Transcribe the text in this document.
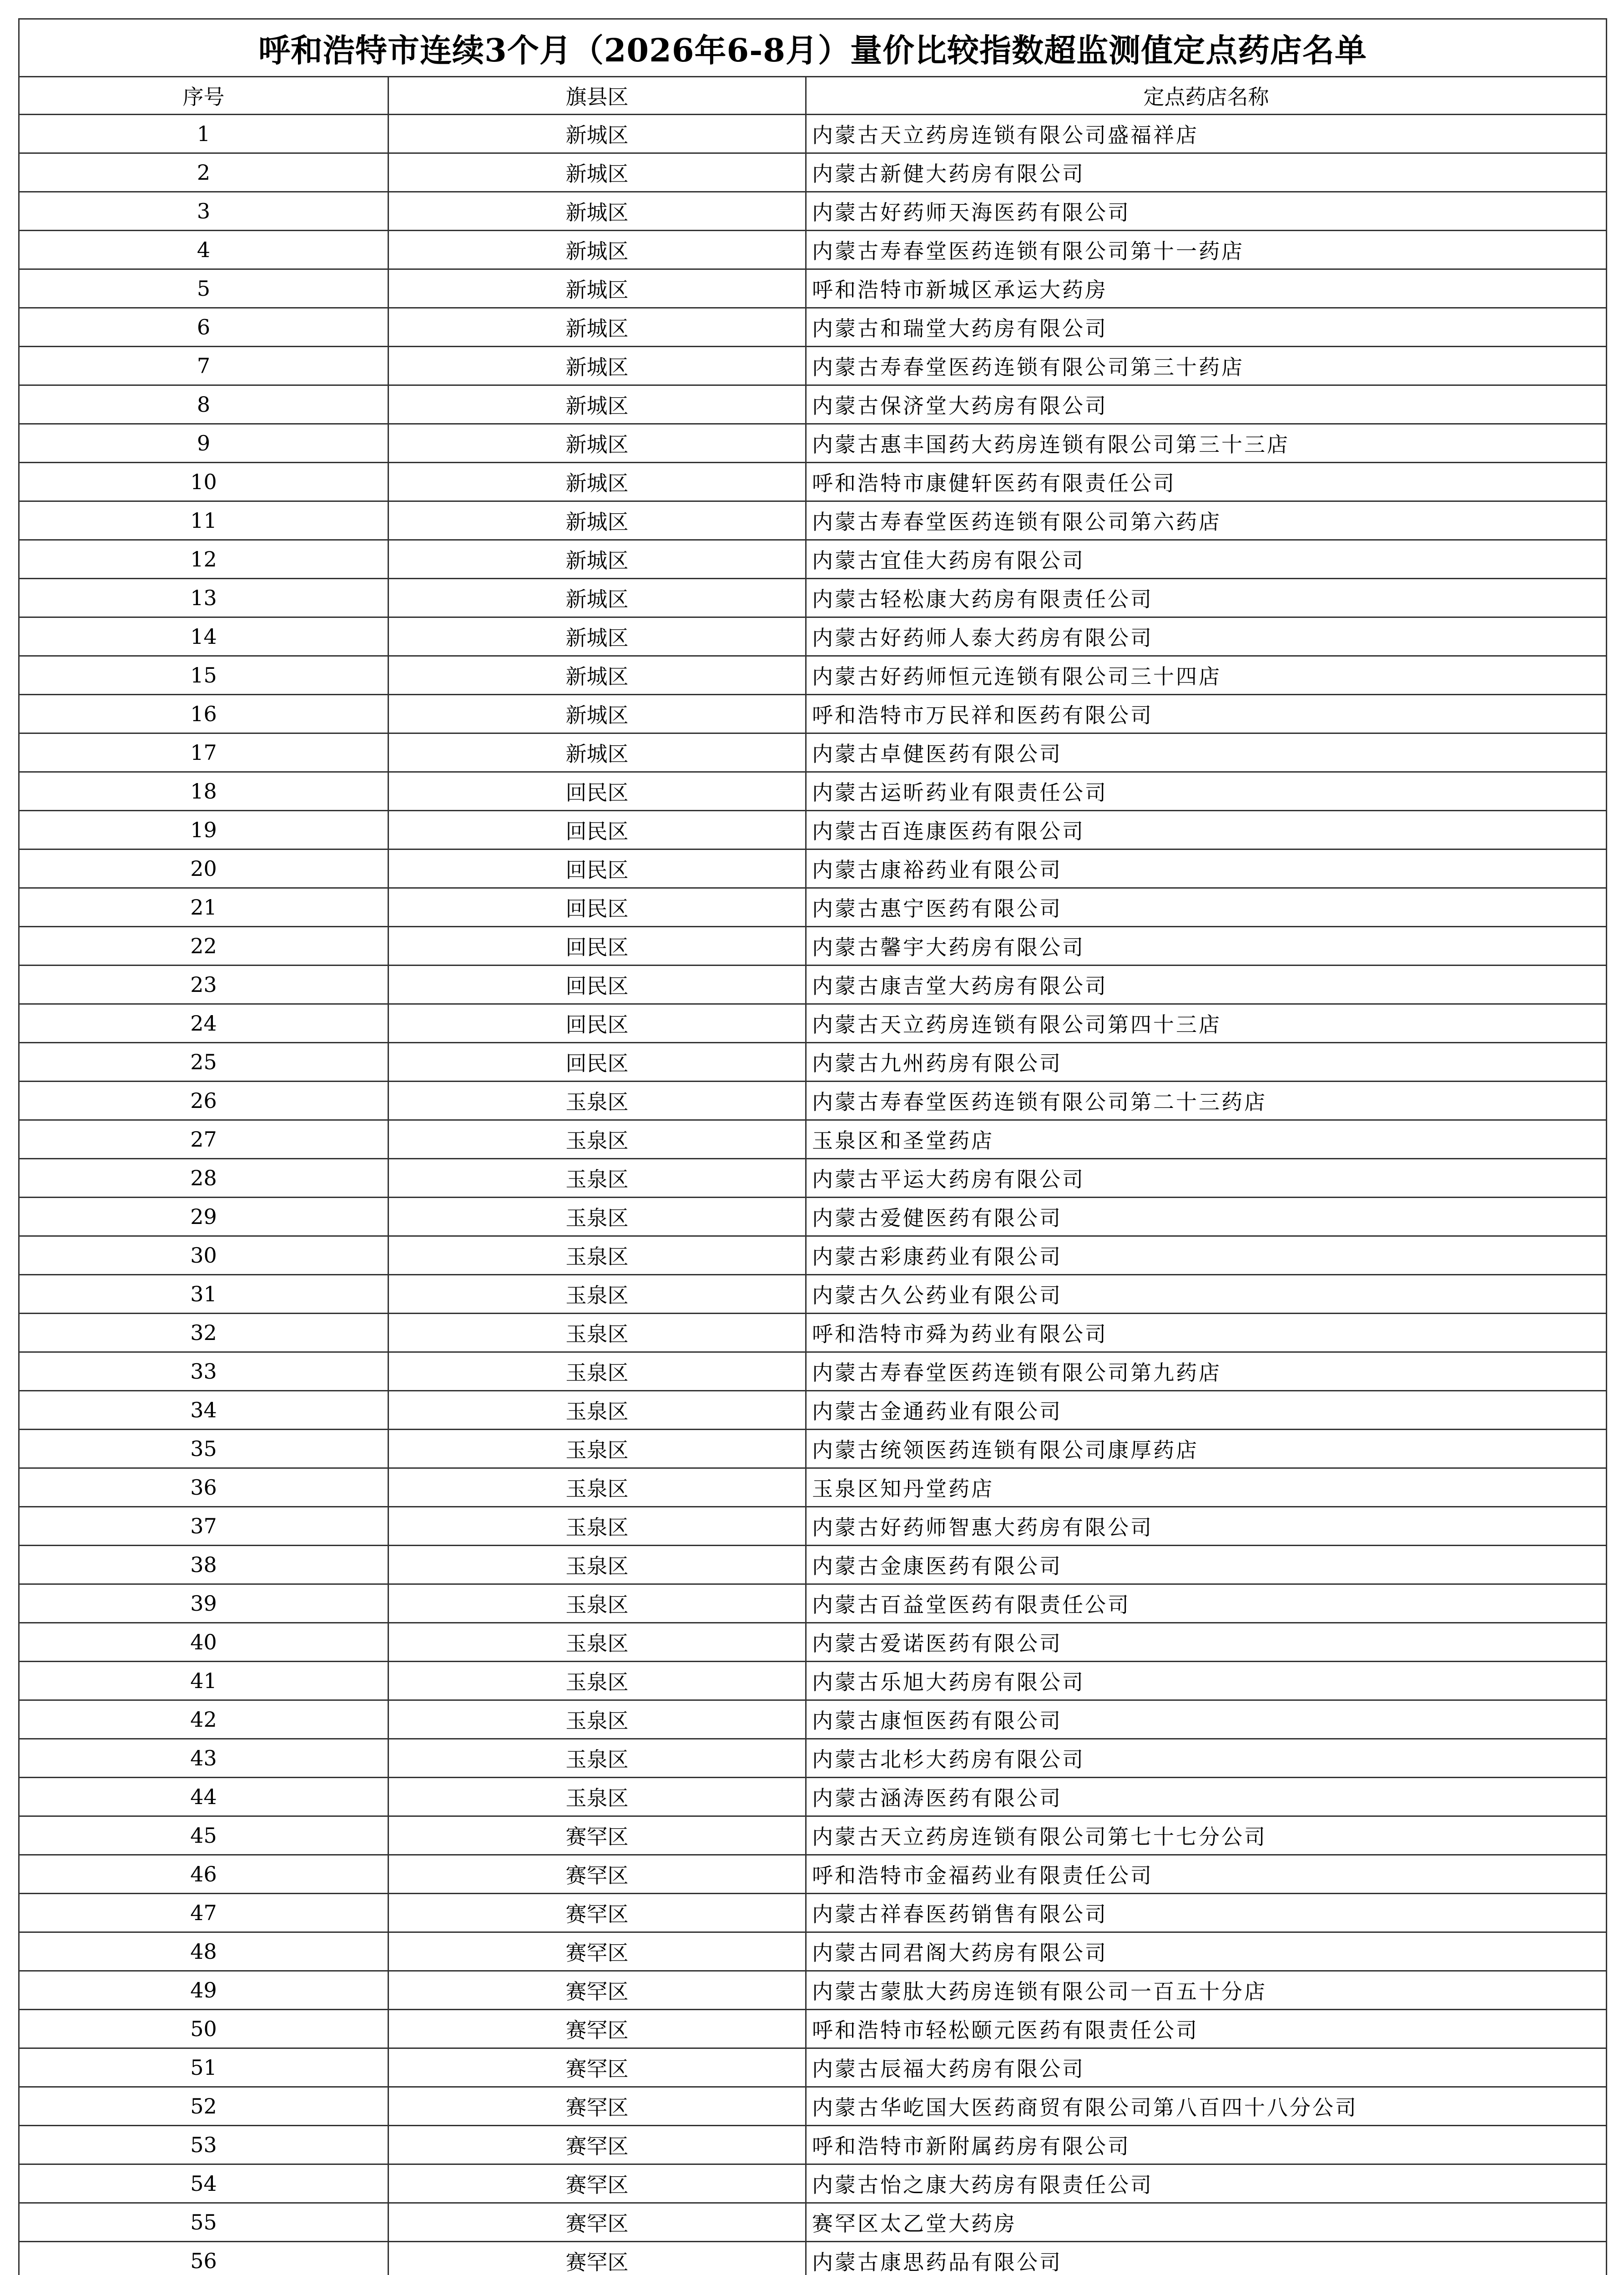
呼和浩特市连续3个月（2026年6-8月）量价比较指数超监测值定点药店名单		
序号	旗县区	定点药店名称
1	新城区	内蒙古天立药房连锁有限公司盛福祥店
2	新城区	内蒙古新健大药房有限公司
3	新城区	内蒙古好药师天海医药有限公司
4	新城区	内蒙古寿春堂医药连锁有限公司第十一药店
5	新城区	呼和浩特市新城区承运大药房
6	新城区	内蒙古和瑞堂大药房有限公司
7	新城区	内蒙古寿春堂医药连锁有限公司第三十药店
8	新城区	内蒙古保济堂大药房有限公司
9	新城区	内蒙古惠丰国药大药房连锁有限公司第三十三店
10	新城区	呼和浩特市康健轩医药有限责任公司
11	新城区	内蒙古寿春堂医药连锁有限公司第六药店
12	新城区	内蒙古宜佳大药房有限公司
13	新城区	内蒙古轻松康大药房有限责任公司
14	新城区	内蒙古好药师人泰大药房有限公司
15	新城区	内蒙古好药师恒元连锁有限公司三十四店
16	新城区	呼和浩特市万民祥和医药有限公司
17	新城区	内蒙古卓健医药有限公司
18	回民区	内蒙古运昕药业有限责任公司
19	回民区	内蒙古百连康医药有限公司
20	回民区	内蒙古康裕药业有限公司
21	回民区	内蒙古惠宁医药有限公司
22	回民区	内蒙古馨宇大药房有限公司
23	回民区	内蒙古康吉堂大药房有限公司
24	回民区	内蒙古天立药房连锁有限公司第四十三店
25	回民区	内蒙古九州药房有限公司
26	玉泉区	内蒙古寿春堂医药连锁有限公司第二十三药店
27	玉泉区	玉泉区和圣堂药店
28	玉泉区	内蒙古平运大药房有限公司
29	玉泉区	内蒙古爱健医药有限公司
30	玉泉区	内蒙古彩康药业有限公司
31	玉泉区	内蒙古久公药业有限公司
32	玉泉区	呼和浩特市舜为药业有限公司
33	玉泉区	内蒙古寿春堂医药连锁有限公司第九药店
34	玉泉区	内蒙古金通药业有限公司
35	玉泉区	内蒙古统领医药连锁有限公司康厚药店
36	玉泉区	玉泉区知丹堂药店
37	玉泉区	内蒙古好药师智惠大药房有限公司
38	玉泉区	内蒙古金康医药有限公司
39	玉泉区	内蒙古百益堂医药有限责任公司
40	玉泉区	内蒙古爱诺医药有限公司
41	玉泉区	内蒙古乐旭大药房有限公司
42	玉泉区	内蒙古康恒医药有限公司
43	玉泉区	内蒙古北杉大药房有限公司
44	玉泉区	内蒙古涵涛医药有限公司
45	赛罕区	内蒙古天立药房连锁有限公司第七十七分公司
46	赛罕区	呼和浩特市金福药业有限责任公司
47	赛罕区	内蒙古祥春医药销售有限公司
48	赛罕区	内蒙古同君阁大药房有限公司
49	赛罕区	内蒙古蒙肽大药房连锁有限公司一百五十分店
50	赛罕区	呼和浩特市轻松颐元医药有限责任公司
51	赛罕区	内蒙古辰福大药房有限公司
52	赛罕区	内蒙古华屹国大医药商贸有限公司第八百四十八分公司
53	赛罕区	呼和浩特市新附属药房有限公司
54	赛罕区	内蒙古怡之康大药房有限责任公司
55	赛罕区	赛罕区太乙堂大药房
56	赛罕区	内蒙古康思药品有限公司
